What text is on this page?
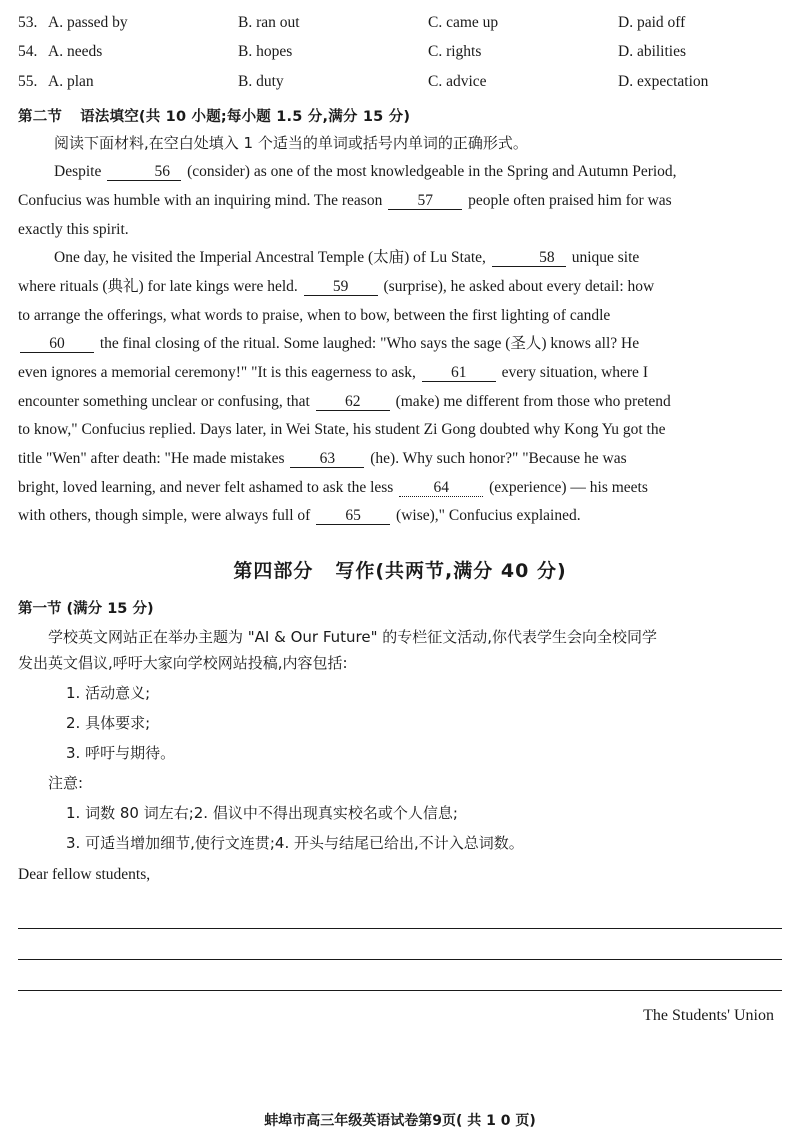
53. A. passed by	B. ran out	C. came up	D. paid off
54. A. needs	B. hopes	C. rights	D. abilities
55. A. plan	B. duty	C. advice	D. expectation
第二节 语法填空(共 10 小题;每小题 1.5 分,满分 15 分)
阅读下面材料,在空白处填入 1 个适当的单词或括号内单词的正确形式。

Despite	56 (consider) as one of the most knowledgeable in the Spring and Autumn Period,

Confucius was humble with an inquiring mind. The reason 57 people often praised him for was

exactly this spirit.

One day, he visited the Imperial Ancestral Temple (太庙) of Lu State,	58 unique site

where rituals (典礼) for late kings were held. 59 (surprise), he asked about every detail: how

to arrange the offerings, what words to praise, when to bow, between the first lighting of candle

60 the final closing of the ritual. Some laughed: "Who says the sage (圣人) knows all? He

even ignores a memorial ceremony!" "It is this eagerness to ask, 61 every situation, where I

encounter something unclear or confusing, that 62 (make) me different from those who pretend

to know," Confucius replied. Days later, in Wei State, his student Zi Gong doubted why Kong Yu got the

title "Wen" after death: "He made mistakes 63 (he). Why such honor?" "Because he was

bright, loved learning, and never felt ashamed to ask the less	64	(experience) — his meets

with others, though simple, were always full of 65 (wise)," Confucius explained.

第四部分 写作(共两节,满分 40 分)
第一节 (满分 15 分)

学校英文网站正在举办主题为 "AI & Our Future" 的专栏征文活动,你代表学生会向全校同学

发出英文倡议,呼吁大家向学校网站投稿,内容包括:

1. 活动意义;
2. 具体要求;
3. 呼吁与期待。
注意:
1. 词数 80 词左右;2. 倡议中不得出现真实校名或个人信息;
3. 可适当增加细节,使行文连贯;4. 开头与结尾已给出,不计入总词数。
Dear fellow students,
The Students' Union
蚌埠市高三年级英语试卷第9页( 共 1 0 页)
